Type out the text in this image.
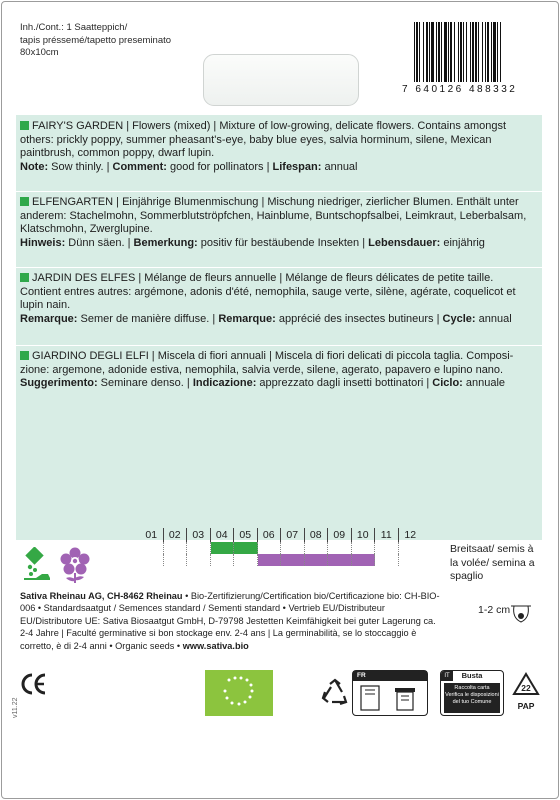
Inh./Cont.: 1 Saatteppich/
tapis préssemé/tapetto preseminato
80x10cm
7 640126 488332
FAIRY'S GARDEN | Flowers (mixed) | Mixture of low-growing, delicate flowers. Contains amongst others: prickly poppy, summer pheasant's-eye, baby blue eyes, salvia horminum, silene, Mexican paintbrush, common poppy, dwarf lupin.
Note: Sow thinly. | Comment: good for pollinators | Lifespan: annual
ELFENGARTEN | Einjährige Blumenmischung | Mischung niedriger, zierlicher Blumen. Enthält unter anderem: Stachelmohn, Sommerblutströpfchen, Hainblume, Buntschopfsalbei, Leimkraut, Leberbalsam, Klatschmohn, Zwerglupine.
Hinweis: Dünn säen. | Bemerkung: positiv für bestäubende Insekten | Lebensdauer: einjährig
JARDIN DES ELFES | Mélange de fleurs annuelle | Mélange de fleurs délicates de petite taille. Contient entres autres: argémone, adonis d'été, nemophila, sauge verte, silène, agérate, coquelicot et lupin nain.
Remarque: Semer de manière diffuse. | Remarque: apprécié des insectes butineurs | Cycle: annual
GIARDINO DEGLI ELFI | Miscela di fiori annuali | Miscela di fiori delicati di piccola taglia. Composizione: argemone, adonide estiva, nemophila, salvia verde, silene, agerato, papavero e lupino nano.
Suggerimento: Seminare denso. | Indicazione: apprezzato dagli insetti bottinatori | Ciclo: annuale
01	02	03	04	05	06	07	08	09	10	11	12
Breitsaat/ semis à
la volée/ semina a
spaglio
1-2 cm
Sativa Rheinau AG, CH-8462 Rheinau • Bio-Zertifizierung/Certification bio/Certificazione bio: CH-BIO-006 • Standardsaatgut / Semences standard / Sementi standard • Vertrieb EU/Distributeur EU/Distributore UE: Sativa Biosaatgut GmbH, D-79798 Jestetten Keimfähigkeit bei guter Lagerung ca. 2-4 Jahre | Faculté germinative si bon stockage env. 2-4 ans | La germinabilità, se lo stoccaggio è corretto, è di 2-4 anni • Organic seeds • www.sativa.bio
v11.22
FR	Busta
IT
Raccolta carta
Verifica le disposizioni
del tuo Comune
22
PAP
